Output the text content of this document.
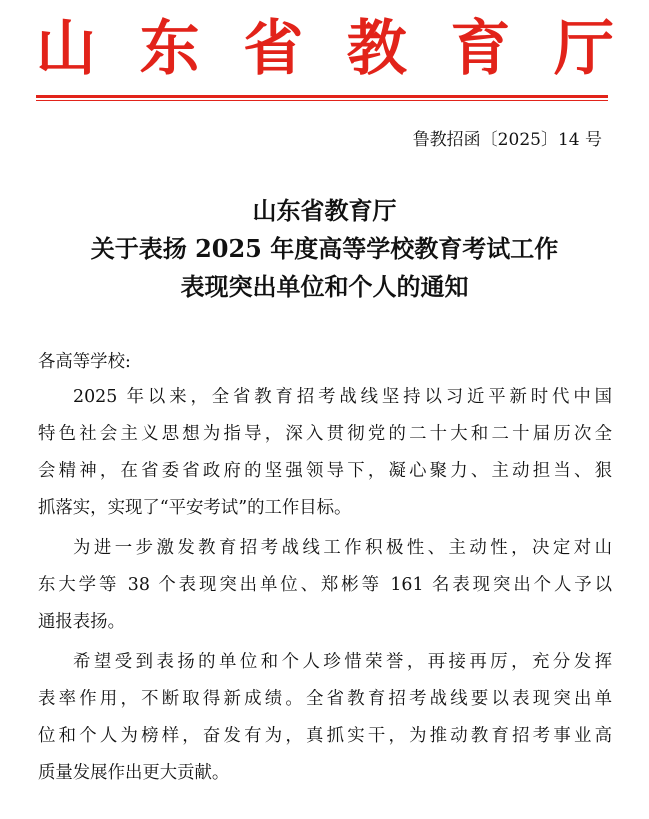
山 东 省 教 育 厅
鲁教招函〔2025〕14 号
山东省教育厅
关于表扬 2025 年度高等学校教育考试工作
表现突出单位和个人的通知
各高等学校:
2025 年以来，全省教育招考战线坚持以习近平新时代中国
特色社会主义思想为指导，深入贯彻党的二十大和二十届历次全
会精神，在省委省政府的坚强领导下，凝心聚力、主动担当、狠
抓落实，实现了“平安考试”的工作目标。
为进一步激发教育招考战线工作积极性、主动性，决定对山
东大学等 38 个表现突出单位、郑彬等 161 名表现突出个人予以
通报表扬。
希望受到表扬的单位和个人珍惜荣誉，再接再厉，充分发挥
表率作用，不断取得新成绩。全省教育招考战线要以表现突出单
位和个人为榜样，奋发有为，真抓实干，为推动教育招考事业高
质量发展作出更大贡献。
